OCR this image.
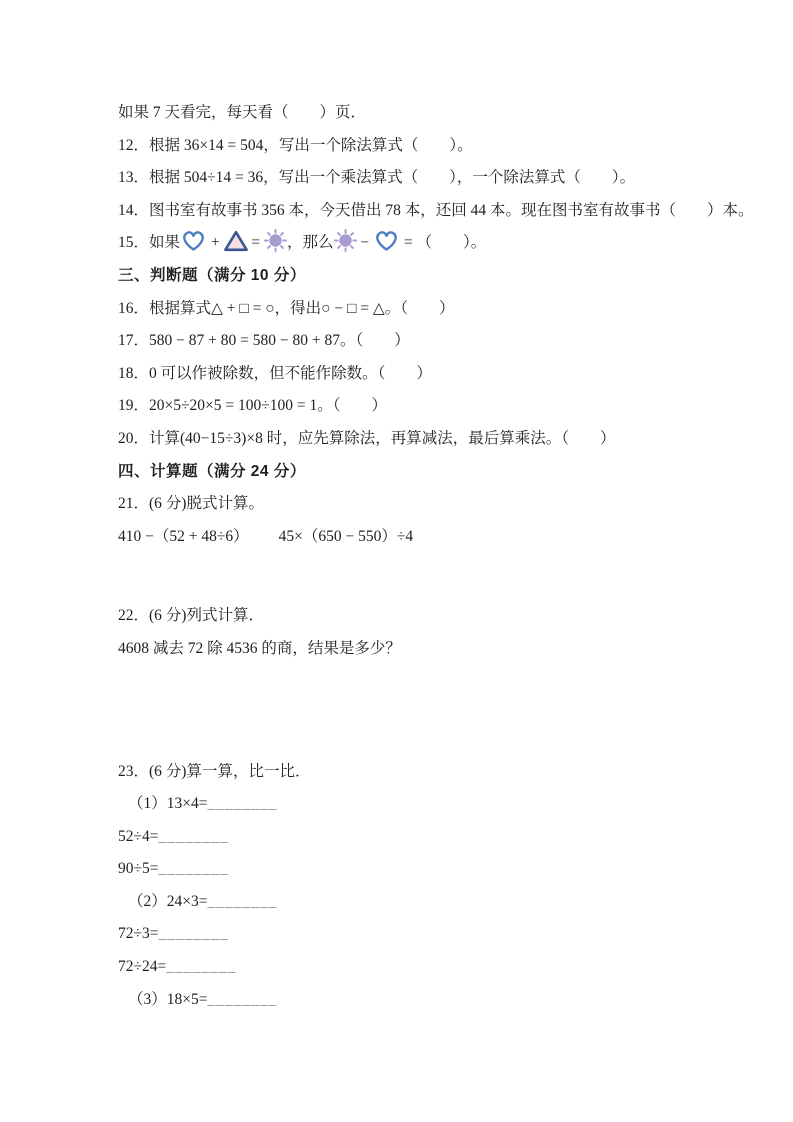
如果 7 天看完，每天看（　　）页．

12．根据 36×14 = 504，写出一个除法算式（　　）。

13．根据 504÷14 = 36，写出一个乘法算式（　　），一个除法算式（　　）。

14．图书室有故事书 356 本，今天借出 78 本，还回 44 本。现在图书室有故事书（　　）本。

15．如果 +  = ，那么 −  = （　　）。

三、判断题（满分 10 分）

16．根据算式△ + □ = ○，得出○ − □ = △。（　　）

17．580 − 87 + 80 = 580 − 80 + 87。（　　）

18．0 可以作被除数，但不能作除数。（　　）

19．20×5÷20×5 = 100÷100 = 1。（　　）

20．计算(40−15÷3)×8 时，应先算除法，再算减法，最后算乘法。（　　）

四、计算题（满分 24 分）

21．(6 分)脱式计算。

410 −（52 + 48÷6） 45×（650 − 550）÷4

22．(6 分)列式计算．

4608 减去 72 除 4536 的商，结果是多少？

23．(6 分)算一算，比一比．

（1）13×4=________

52÷4=________

90÷5=________

（2）24×3=________

72÷3=________

72÷24=________

（3）18×5=________
